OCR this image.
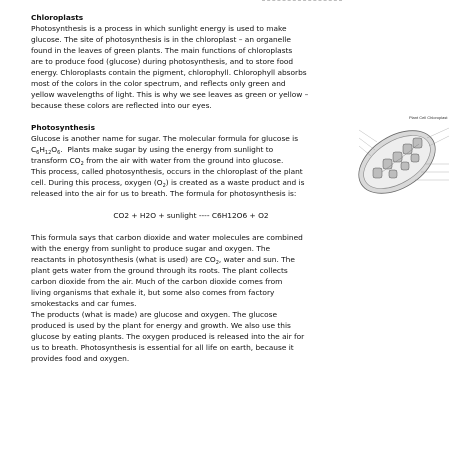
Chloroplasts

Photosynthesis is a process in which sunlight energy is used to make

glucose. The site of photosynthesis is in the chloroplast – an organelle

found in the leaves of green plants. The main functions of chloroplasts

are to produce food (glucose) during photosynthesis, and to store food

energy. Chloroplasts contain the pigment, chlorophyll. Chlorophyll absorbs

most of the colors in the color spectrum, and reflects only green and

yellow wavelengths of light. This is why we see leaves as green or yellow –

because these colors are reflected into our eyes.

Photosynthesis

Glucose is another name for sugar. The molecular formula for glucose is

$C_6H_{12}O_6$.  Plants make sugar by using the energy from sunlight to

transform $CO_2$ from the air with water from the ground into glucose.

This process, called photosynthesis, occurs in the chloroplast of the plant

cell. During this process, oxygen $(O_2)$ is created as a waste product and is

released into the air for us to breath. The formula for photosynthesis is:

CO2 + H2O + sunlight ---- C6H12O6 + O2

This formula says that carbon dioxide and water molecules are combined

with the energy from sunlight to produce sugar and oxygen. The

reactants in photosynthesis (what is used) are $CO_2$, water and sun. The

plant gets water from the ground through its roots. The plant collects

carbon dioxide from the air. Much of the carbon dioxide comes from

living organisms that exhale it, but some also comes from factory

smokestacks and car fumes.

The products (what is made) are glucose and oxygen. The glucose

produced is used by the plant for energy and growth. We also use this

glucose by eating plants. The oxygen produced is released into the air for

us to breath. Photosynthesis is essential for all life on earth, because it

provides food and oxygen.

Plant Cell Chloroplast
